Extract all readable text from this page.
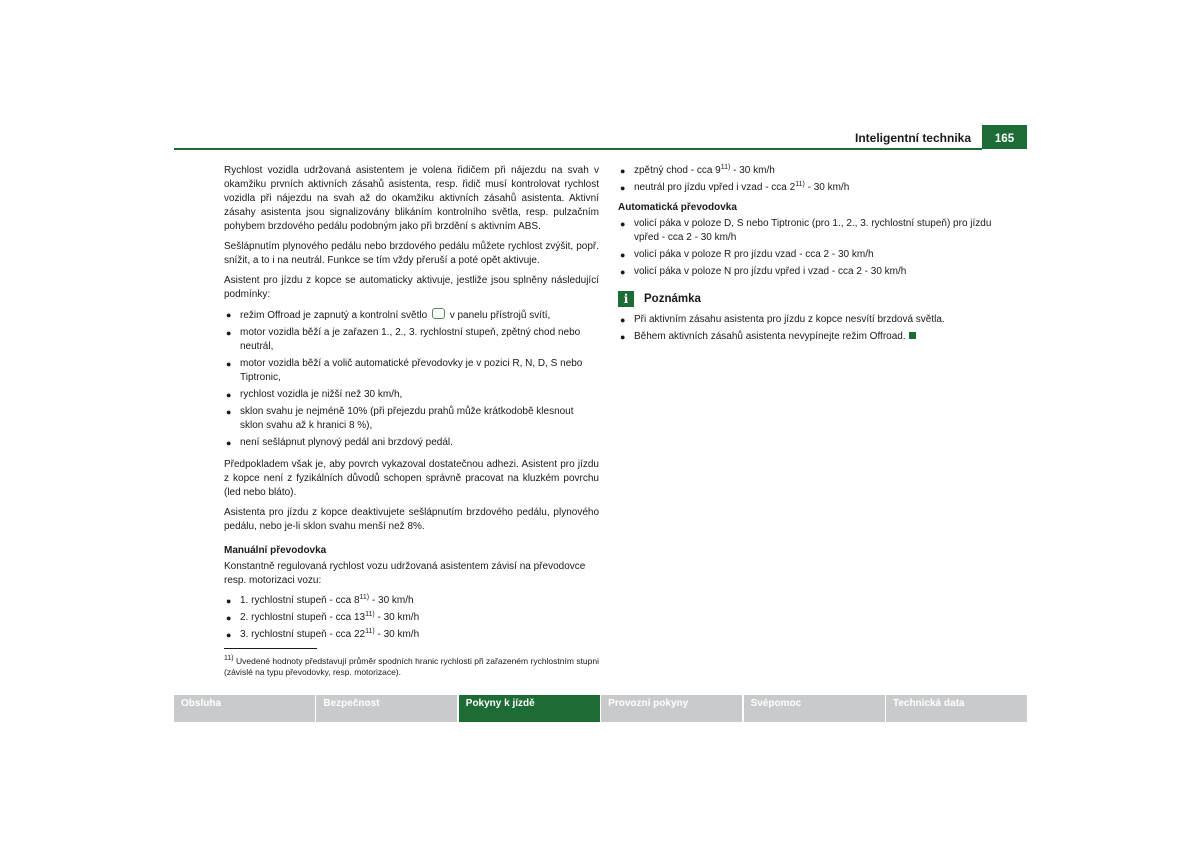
Inteligentní technika	165

Rychlost vozidla udržovaná asistentem je volena řidičem při nájezdu na svah v okamžiku prvních aktivních zásahů asistenta, resp. řidič musí kontrolovat rychlost vozidla při nájezdu na svah až do okamžiku aktivních zásahů asistenta. Aktivní zásahy asistenta jsou signalizovány blikáním kontrolního světla, resp. pulzačním pohybem brzdového pedálu podobným jako při brzdění s aktivním ABS.

Sešlápnutím plynového pedálu nebo brzdového pedálu můžete rychlost zvýšit, popř. snížit, a to i na neutrál. Funkce se tím vždy přeruší a poté opět aktivuje.

Asistent pro jízdu z kopce se automaticky aktivuje, jestliže jsou splněny následující podmínky:

● režim Offroad je zapnutý a kontrolní světlo v panelu přístrojů svítí,
● motor vozidla běží a je zařazen 1., 2., 3. rychlostní stupeň, zpětný chod nebo neutrál,
● motor vozidla běží a volič automatické převodovky je v pozici R, N, D, S nebo Tiptronic,
● rychlost vozidla je nižší než 30 km/h,
● sklon svahu je nejméně 10% (při přejezdu prahů může krátkodobě klesnout sklon svahu až k hranici 8 %),
● není sešlápnut plynový pedál ani brzdový pedál.

Předpokladem však je, aby povrch vykazoval dostatečnou adhezi. Asistent pro jízdu z kopce není z fyzikálních důvodů schopen správně pracovat na kluzkém povrchu (led nebo bláto).

Asistenta pro jízdu z kopce deaktivujete sešlápnutím brzdového pedálu, plynového pedálu, nebo je-li sklon svahu menší než 8%.

Manuální převodovka

Konstantně regulovaná rychlost vozu udržovaná asistentem závisí na převodovce resp. motorizaci vozu:

● 1. rychlostní stupeň - cca 8$^{11)}$ - 30 km/h
● 2. rychlostní stupeň - cca 13$^{11)}$ - 30 km/h
● 3. rychlostní stupeň - cca 22$^{11)}$ - 30 km/h
● zpětný chod - cca 9$^{11)}$ - 30 km/h
● neutrál pro jízdu vpřed i vzad - cca 2$^{11)}$ - 30 km/h
Automatická převodovka
● volicí páka v poloze D, S nebo Tiptronic (pro 1., 2., 3. rychlostní stupeň) pro jízdu vpřed - cca 2 - 30 km/h
● volicí páka v poloze R pro jízdu vzad - cca 2 - 30 km/h
● volicí páka v poloze N pro jízdu vpřed i vzad - cca 2 - 30 km/h
i	Poznámka
● Při aktivním zásahu asistenta pro jízdu z kopce nesvítí brzdová světla.
● Během aktivních zásahů asistenta nevypínejte režim Offroad.
$^{11)}$ Uvedené hodnoty představují průměr spodních hranic rychlosti při zařazeném rychlostním stupni (závislé na typu převodovky, resp. motorizace).
Obsluha	Bezpečnost	Pokyny k jízdě	Provozní pokyny	Svépomoc	Technická data
